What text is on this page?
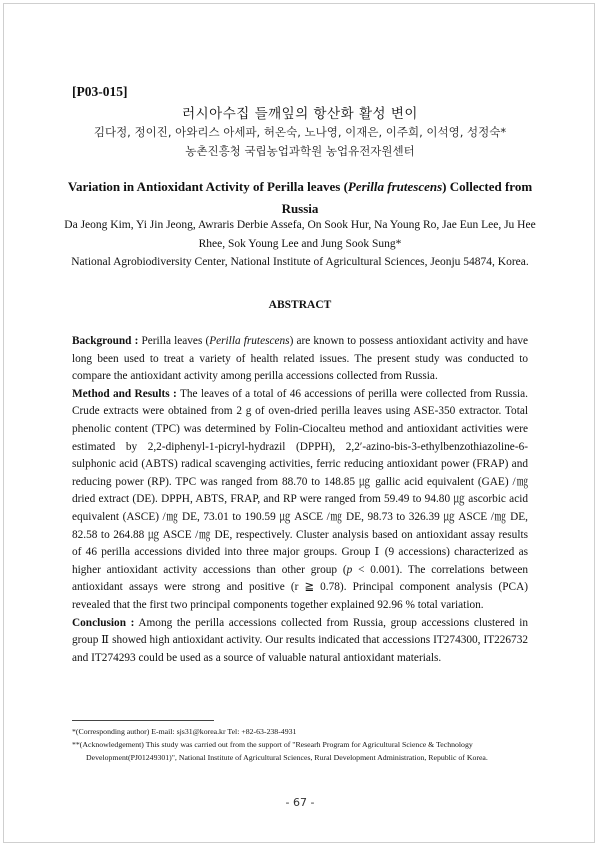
[P03-015]
러시아수집 들깨잎의 항산화 활성 변이
김다정, 정이진, 아와리스 아세파, 허온숙, 노나영, 이재은, 이주희, 이석영, 성정숙*
농촌진흥청 국립농업과학원 농업유전자원센터
Variation in Antioxidant Activity of Perilla leaves (Perilla frutescens) Collected from Russia
Da Jeong Kim, Yi Jin Jeong, Awraris Derbie Assefa, On Sook Hur, Na Young Ro, Jae Eun Lee, Ju Hee Rhee, Sok Young Lee and Jung Sook Sung*
National Agrobiodiversity Center, National Institute of Agricultural Sciences, Jeonju 54874, Korea.
ABSTRACT

Background : Perilla leaves (Perilla frutescens) are known to possess antioxidant activity and have long been used to treat a variety of health related issues. The present study was conducted to compare the antioxidant activity among perilla accessions collected from Russia.

Method and Results : The leaves of a total of 46 accessions of perilla were collected from Russia. Crude extracts were obtained from 2 g of oven-dried perilla leaves using ASE-350 extractor. Total phenolic content (TPC) was determined by Folin-Ciocalteu method and antioxidant activities were estimated by 2,2-diphenyl-1-picryl-hydrazil (DPPH), 2,2′-azino-bis-3-ethylbenzothiazoline-6-sulphonic acid (ABTS) radical scavenging activities, ferric reducing antioxidant power (FRAP) and reducing power (RP). TPC was ranged from 88.70 to 148.85 ㎍ gallic acid equivalent (GAE) /㎎ dried extract (DE). DPPH, ABTS, FRAP, and RP were ranged from 59.49 to 94.80 ㎍ ascorbic acid equivalent (ASCE) /㎎ DE, 73.01 to 190.59 ㎍ ASCE /㎎ DE, 98.73 to 326.39 ㎍ ASCE /㎎ DE, 82.58 to 264.88 ㎍ ASCE /㎎ DE, respectively. Cluster analysis based on antioxidant assay results of 46 perilla accessions divided into three major groups. Group Ⅰ (9 accessions) characterized as higher antioxidant activity accessions than other group (p < 0.001). The correlations between antioxidant assays were strong and positive (r ≧ 0.78). Principal component analysis (PCA) revealed that the first two principal components together explained 92.96 % total variation.

Conclusion : Among the perilla accessions collected from Russia, group accessions clustered in group Ⅱ showed high antioxidant activity. Our results indicated that accessions IT274300, IT226732 and IT274293 could be used as a source of valuable natural antioxidant materials.

*(Corresponding author) E-mail: sjs31@korea.kr Tel: +82-63-238-4931
**(Acknowledgement) This study was carried out from the support of "Researh Program for Agricultural Science & Technology Development(PJ01249301)", National Institute of Agricultural Sciences, Rural Development Administration, Republic of Korea.
- 67 -
